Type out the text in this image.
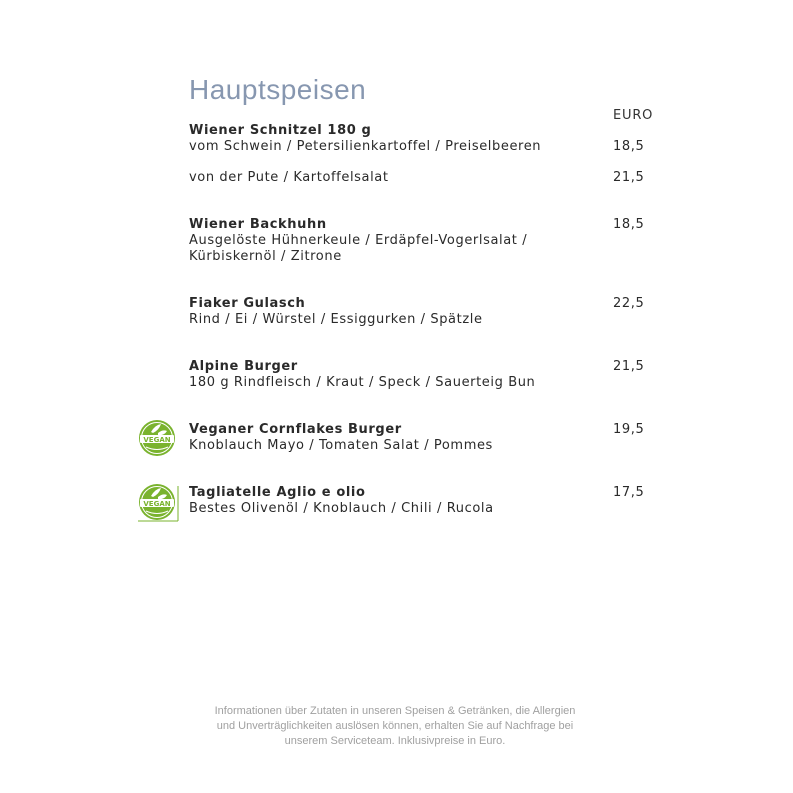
Hauptspeisen
EURO
Wiener Schnitzel 180 g
vom Schwein / Petersilienkartoffel / Preiselbeeren	18,5
von der Pute / Kartoffelsalat	21,5
Wiener Backhuhn	18,5
Ausgelöste Hühnerkeule / Erdäpfel-Vogerlsalat /
Kürbiskernöl / Zitrone
Fiaker Gulasch	22,5
Rind / Ei / Würstel / Essiggurken / Spätzle
Alpine Burger	21,5
180 g Rindfleisch / Kraut / Speck / Sauerteig Bun
VEGAN
Veganer Cornflakes Burger	19,5
Knoblauch Mayo / Tomaten Salat / Pommes
VEGAN
Tagliatelle Aglio e olio	17,5
Bestes Olivenöl / Knoblauch / Chili / Rucola
Informationen über Zutaten in unseren Speisen & Getränken, die Allergien
und Unverträglichkeiten auslösen können, erhalten Sie auf Nachfrage bei
unserem Serviceteam. Inklusivpreise in Euro.
